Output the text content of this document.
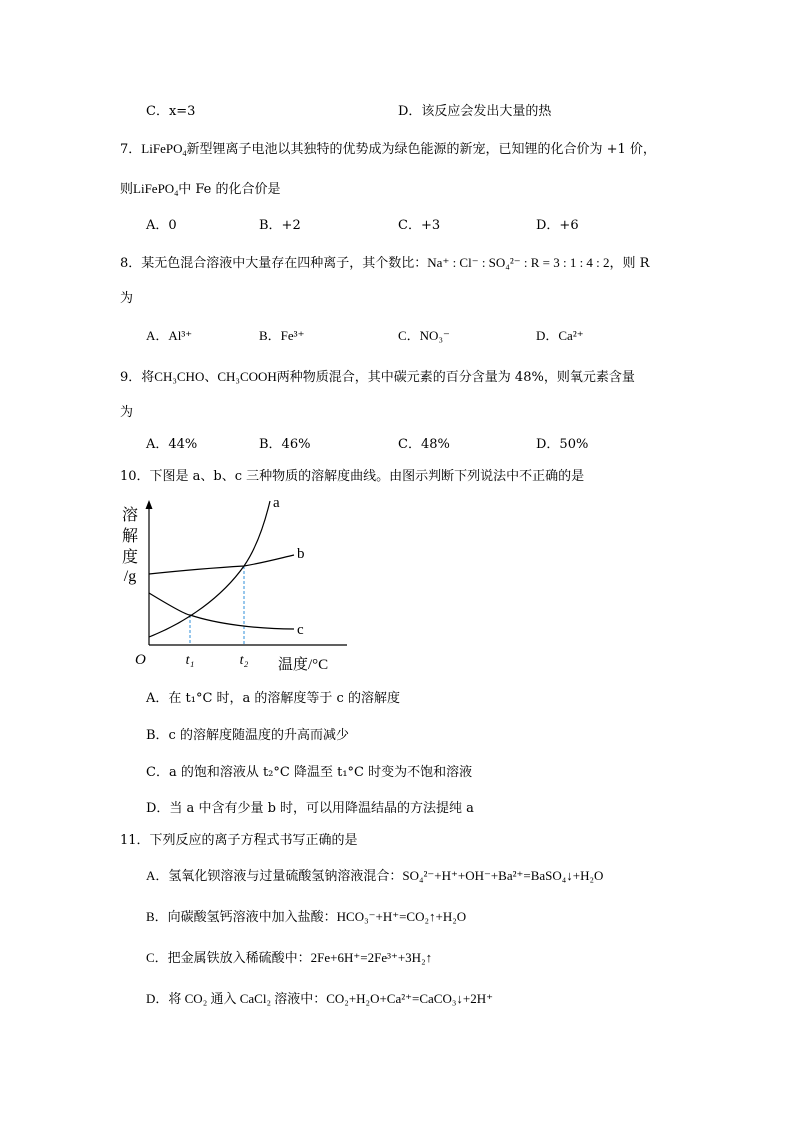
C．x=3	D．该反应会发出大量的热
7．LiFePO$_4$新型锂离子电池以其独特的优势成为绿色能源的新宠，已知锂的化合价为 +1 价，
则LiFePO$_4$中 Fe 的化合价是
A．0	B．+2	C．+3	D．+6
8．某无色混合溶液中大量存在四种离子，其个数比：Na⁺ : Cl⁻ : SO₄²⁻ : R = 3 : 1 : 4 : 2，则 R
为
A．Al³⁺	B．Fe³⁺	C．NO₃⁻	D．Ca²⁺
9．将CH₃CHO、CH₃COOH两种物质混合，其中碳元素的百分含量为 48%，则氧元素含量
为
A．44%	B．46%	C．48%	D．50%
10．下图是 a、b、c 三种物质的溶解度曲线。由图示判断下列说法中不正确的是
溶
解
度
/g
a
b
c
O	t₁	t₂ 温度/°C
A．在 t₁°C 时，a 的溶解度等于 c 的溶解度
B．c 的溶解度随温度的升高而减少
C．a 的饱和溶液从 t₂°C 降温至 t₁°C 时变为不饱和溶液
D．当 a 中含有少量 b 时，可以用降温结晶的方法提纯 a
11．下列反应的离子方程式书写正确的是
A．氢氧化钡溶液与过量硫酸氢钠溶液混合：SO₄²⁻+H⁺+OH⁻+Ba²⁺=BaSO₄↓+H₂O
B．向碳酸氢钙溶液中加入盐酸：HCO₃⁻+H⁺=CO₂↑+H₂O
C．把金属铁放入稀硫酸中：2Fe+6H⁺=2Fe³⁺+3H₂↑
D．将 CO₂ 通入 CaCl₂ 溶液中：CO₂+H₂O+Ca²⁺=CaCO₃↓+2H⁺
